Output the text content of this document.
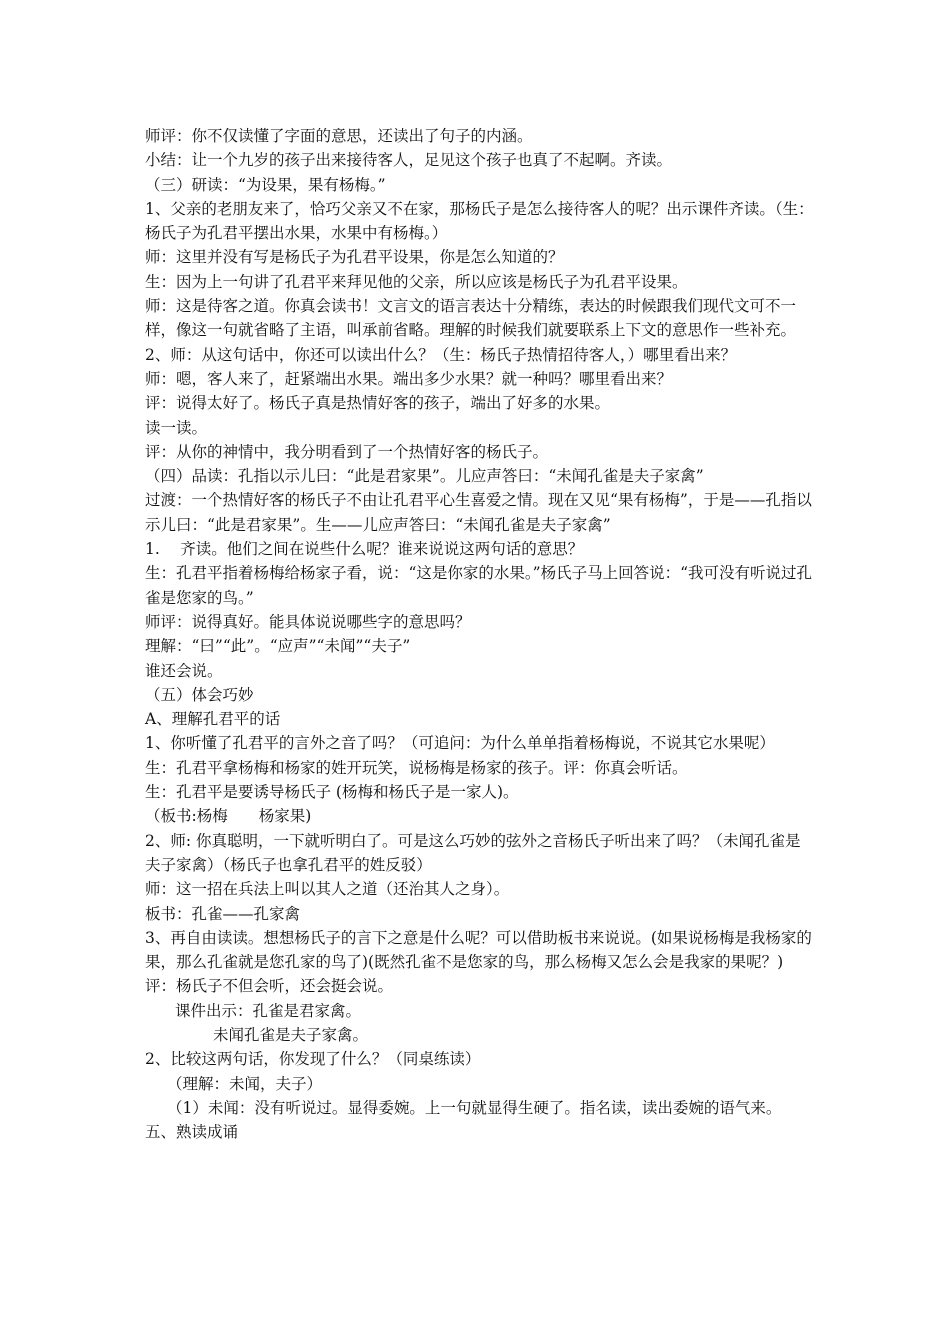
师评：你不仅读懂了字面的意思，还读出了句子的内涵。

小结：让一个九岁的孩子出来接待客人，足见这个孩子也真了不起啊。齐读。

（三）研读：“为设果，果有杨梅。”

1、父亲的老朋友来了，恰巧父亲又不在家，那杨氏子是怎么接待客人的呢？出示课件齐读。（生：杨氏子为孔君平摆出水果，水果中有杨梅。）

师：这里并没有写是杨氏子为孔君平设果，你是怎么知道的？

生：因为上一句讲了孔君平来拜见他的父亲，所以应该是杨氏子为孔君平设果。

师：这是待客之道。你真会读书！文言文的语言表达十分精练，表达的时候跟我们现代文可不一样，像这一句就省略了主语，叫承前省略。理解的时候我们就要联系上下文的意思作一些补充。

2、师：从这句话中，你还可以读出什么？（生：杨氏子热情招待客人，）哪里看出来？

师：嗯，客人来了，赶紧端出水果。端出多少水果？就一种吗？哪里看出来？

评：说得太好了。杨氏子真是热情好客的孩子，端出了好多的水果。

读一读。

评：从你的神情中，我分明看到了一个热情好客的杨氏子。

（四）品读：孔指以示儿曰：“此是君家果”。儿应声答曰：“未闻孔雀是夫子家禽”

过渡：一个热情好客的杨氏子不由让孔君平心生喜爱之情。现在又见“果有杨梅”，于是——孔指以示儿曰：“此是君家果”。生——儿应声答曰：“未闻孔雀是夫子家禽”

1.　 齐读。他们之间在说些什么呢？谁来说说这两句话的意思？

生：孔君平指着杨梅给杨家子看，说：“这是你家的水果。”杨氏子马上回答说：“我可没有听说过孔雀是您家的鸟。”

师评：说得真好。能具体说说哪些字的意思吗？

理解：“曰”“此”。“应声”“未闻”“夫子”

谁还会说。

（五）体会巧妙

A、理解孔君平的话

1、你听懂了孔君平的言外之音了吗？（可追问：为什么单单指着杨梅说，不说其它水果呢）

生：孔君平拿杨梅和杨家的姓开玩笑，说杨梅是杨家的孩子。评：你真会听话。

生：孔君平是要诱导杨氏子 (杨梅和杨氏子是一家人)。

（板书:杨梅　　杨家果)

2、师: 你真聪明，一下就听明白了。可是这么巧妙的弦外之音杨氏子听出来了吗？（未闻孔雀是夫子家禽）（杨氏子也拿孔君平的姓反驳）

师：这一招在兵法上叫以其人之道（还治其人之身）。

板书：孔雀——孔家禽

3、再自由读读。想想杨氏子的言下之意是什么呢？可以借助板书来说说。(如果说杨梅是我杨家的果，那么孔雀就是您孔家的鸟了)(既然孔雀不是您家的鸟，那么杨梅又怎么会是我家的果呢？)

评：杨氏子不但会听，还会挺会说。

课件出示：孔雀是君家禽。

未闻孔雀是夫子家禽。

2、比较这两句话，你发现了什么？（同桌练读）

（理解：未闻，夫子）

（1）未闻：没有听说过。显得委婉。上一句就显得生硬了。指名读，读出委婉的语气来。

五、熟读成诵
